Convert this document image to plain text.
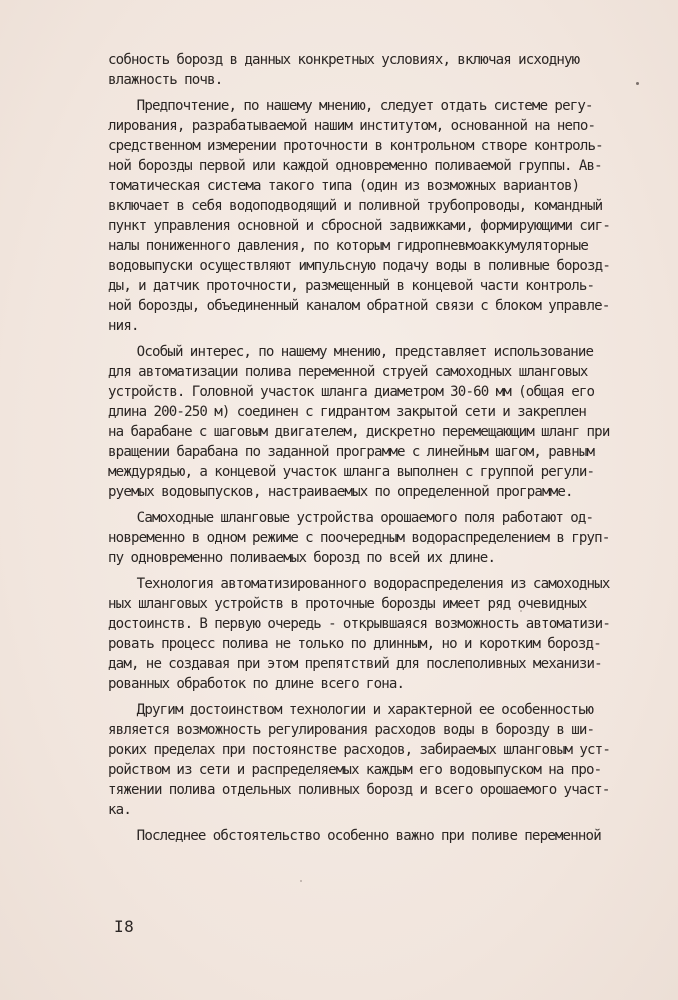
собность борозд в данных конкретных условиях, включая исходную
влажность почв.
Предпочтение, по нашему мнению, следует отдать системе регу-
лирования, разрабатываемой нашим институтом, основанной на непо-
средственном измерении проточности в контрольном створе контроль-
ной борозды первой или каждой одновременно поливаемой группы. Ав-
томатическая система такого типа (один из возможных вариантов)
включает в себя водоподводящий и поливной трубопроводы, командный
пункт управления основной и сбросной задвижками, формирующими сиг-
налы пониженного давления, по которым гидропневмоаккумуляторные
водовыпуски осуществляют импульсную подачу воды в поливные борозд-
ды, и датчик проточности, размещенный в концевой части контроль-
ной борозды, объединенный каналом обратной связи с блоком управле-
ния.
Особый интерес, по нашему мнению, представляет использование
для автоматизации полива переменной струей самоходных шланговых
устройств. Головной участок шланга диаметром 30-60 мм (общая его
длина 200-250 м) соединен с гидрантом закрытой сети и закреплен
на барабане с шаговым двигателем, дискретно перемещающим шланг при
вращении барабана по заданной программе с линейным шагом, равным
междурядью, а концевой участок шланга выполнен с группой регули-
руемых водовыпусков, настраиваемых по определенной программе.
Самоходные шланговые устройства орошаемого поля работают од-
новременно в одном режиме с поочередным водораспределением в груп-
пу одновременно поливаемых борозд по всей их длине.
Технология автоматизированного водораспределения из самоходных
ных шланговых устройств в проточные борозды имеет ряд очевидных
достоинств. В первую очередь - открывшаяся возможность автоматизи-
ровать процесс полива не только по длинным, но и коротким борозд-
дам, не создавая при этом препятствий для послеполивных механизи-
рованных обработок по длине всего гона.
Другим достоинством технологии и характерной ее особенностью
является возможность регулирования расходов воды в борозду в ши-
роких пределах при постоянстве расходов, забираемых шланговым уст-
ройством из сети и распределяемых каждым его водовыпуском на про-
тяжении полива отдельных поливных борозд и всего орошаемого участ-
ка.
Последнее обстоятельство особенно важно при поливе переменной
I8
